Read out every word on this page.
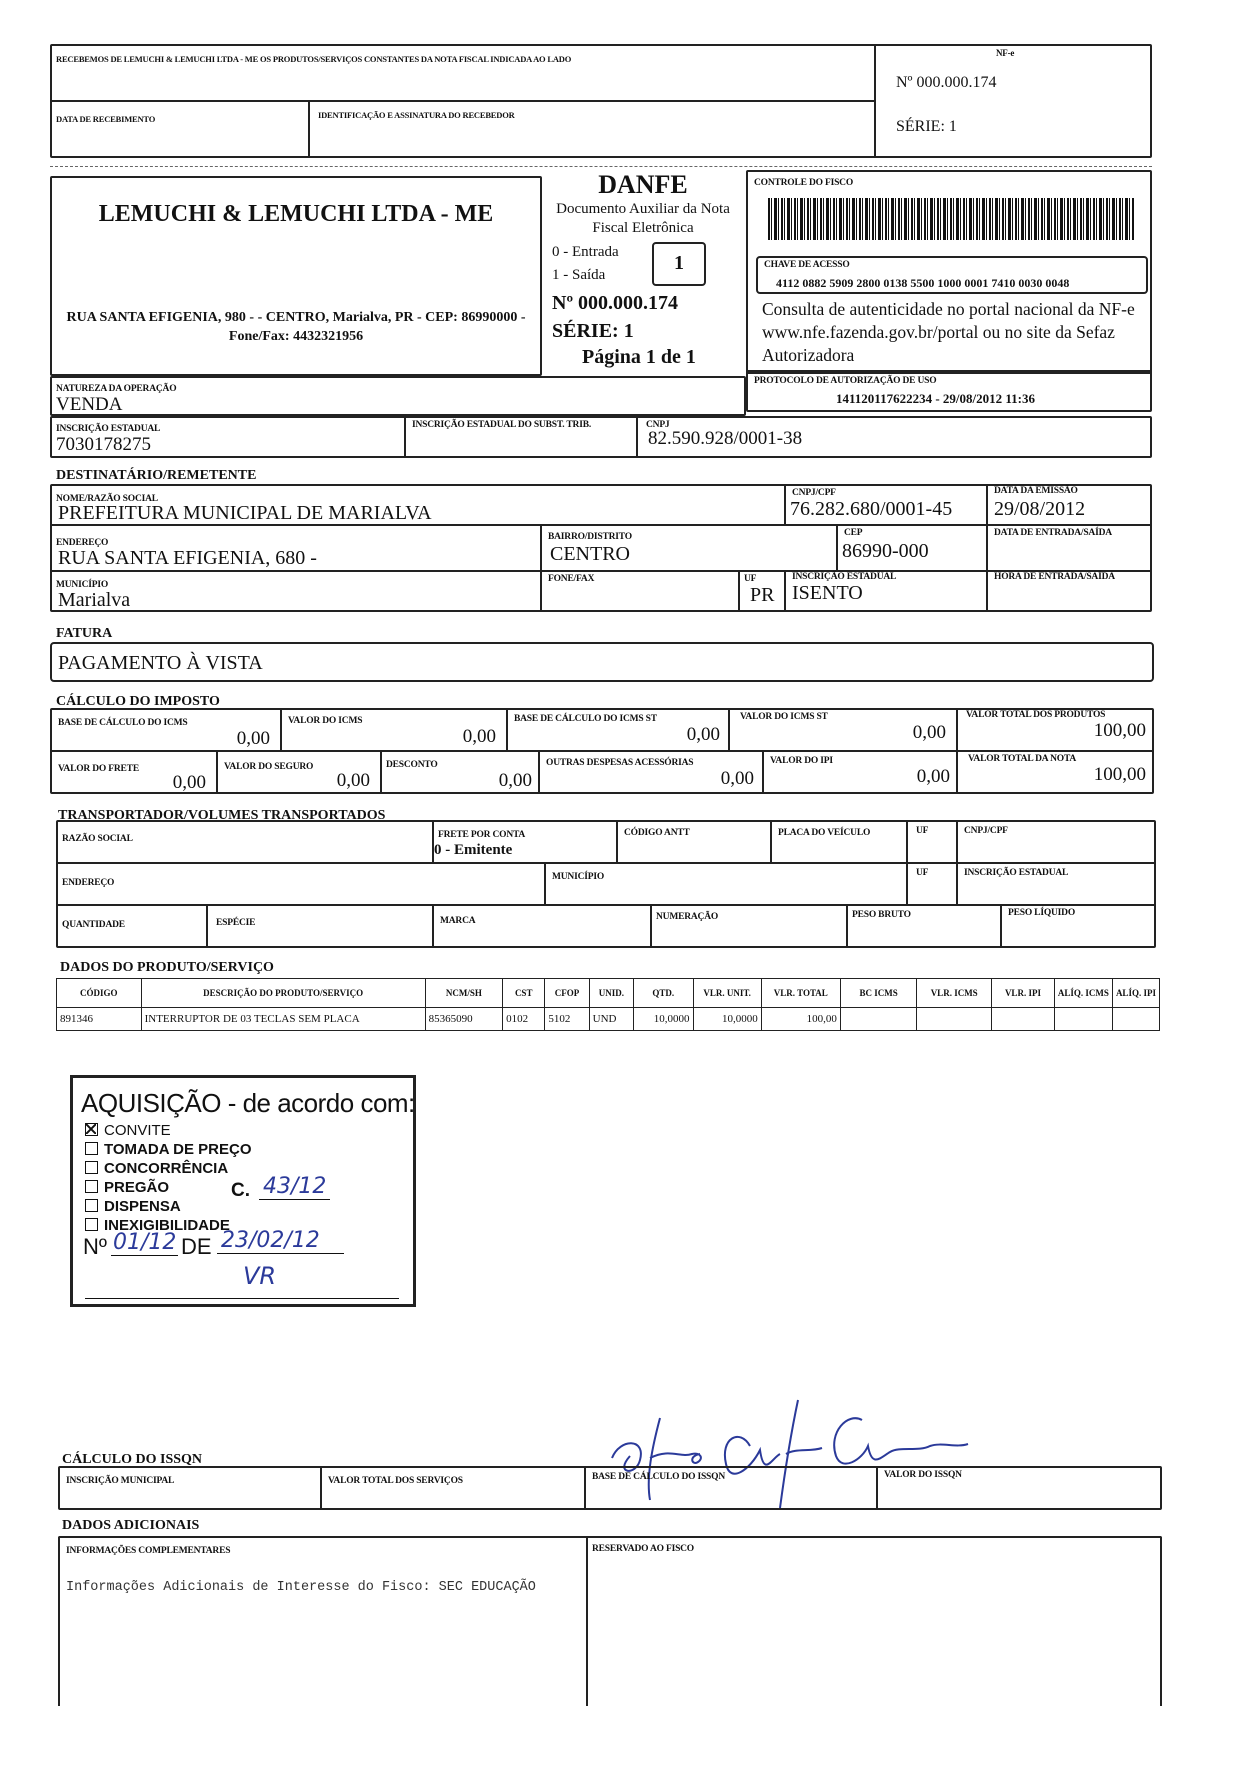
RECEBEMOS DE LEMUCHI & LEMUCHI LTDA - ME OS PRODUTOS/SERVIÇOS CONSTANTES DA NOTA FISCAL INDICADA AO LADO
DATA DE RECEBIMENTO	IDENTIFICAÇÃO E ASSINATURA DO RECEBEDOR
NF-e
Nº 000.000.174
SÉRIE: 1
LEMUCHI & LEMUCHI LTDA - ME
RUA SANTA EFIGENIA, 980 - - CENTRO, Marialva, PR - CEP: 86990000 - Fone/Fax: 4432321956
DANFE
Documento Auxiliar da Nota Fiscal Eletrônica
0 - Entrada
1 - Saída
1
Nº 000.000.174
SÉRIE: 1
Página 1 de 1
CONTROLE DO FISCO
CHAVE DE ACESSO
4112 0882 5909 2800 0138 5500 1000 0001 7410 0030 0048
Consulta de autenticidade no portal nacional da NF-e www.nfe.fazenda.gov.br/portal ou no site da Sefaz Autorizadora
PROTOCOLO DE AUTORIZAÇÃO DE USO
141120117622234 - 29/08/2012 11:36
NATUREZA DA OPERAÇÃO
VENDA
INSCRIÇÃO ESTADUAL
7030178275
INSCRIÇÃO ESTADUAL DO SUBST. TRIB.	CNPJ
82.590.928/0001-38
DESTINATÁRIO/REMETENTE
NOME/RAZÃO SOCIAL
PREFEITURA MUNICIPAL DE MARIALVA
CNPJ/CPF
76.282.680/0001-45
DATA DA EMISSÃO
29/08/2012
ENDEREÇO
RUA SANTA EFIGENIA, 680 -
BAIRRO/DISTRITO
CENTRO
CEP
86990-000
DATA DE ENTRADA/SAÍDA
MUNICÍPIO
Marialva
FONE/FAX	UF
PR
INSCRIÇÃO ESTADUAL
ISENTO
HORA DE ENTRADA/SAÍDA
FATURA
PAGAMENTO À VISTA
CÁLCULO DO IMPOSTO
BASE DE CÁLCULO DO ICMS
0,00
VALOR DO ICMS
0,00
BASE DE CÁLCULO DO ICMS ST
0,00
VALOR DO ICMS ST
0,00
VALOR TOTAL DOS PRODUTOS
100,00
VALOR DO FRETE
0,00
VALOR DO SEGURO
0,00
DESCONTO
0,00
OUTRAS DESPESAS ACESSÓRIAS
0,00
VALOR DO IPI
0,00
VALOR TOTAL DA NOTA
100,00
TRANSPORTADOR/VOLUMES TRANSPORTADOS
RAZÃO SOCIAL	FRETE POR CONTA
0 - Emitente
CÓDIGO ANTT	PLACA DO VEÍCULO	UF	CNPJ/CPF
ENDEREÇO
MUNICÍPIO	UF	INSCRIÇÃO ESTADUAL
QUANTIDADE	ESPÉCIE	MARCA	NUMERAÇÃO	PESO BRUTO	PESO LÍQUIDO
DADOS DO PRODUTO/SERVIÇO
CÓDIGO	DESCRIÇÃO DO PRODUTO/SERVIÇO	NCM/SH	CST	CFOP	UNID.	QTD.	VLR. UNIT.	VLR. TOTAL	BC ICMS	VLR. ICMS	VLR. IPI	ALÍQ. ICMS	ALÍQ. IPI
891346	INTERRUPTOR DE 03 TECLAS SEM PLACA	85365090	0102	5102	UND	10,0000	10,0000	100,00					
AQUISIÇÃO - de acordo com:
CONVITE
TOMADA DE PREÇO
CONCORRÊNCIA
PREGÃO
DISPENSA
INEXIGIBILIDADE
C. 43/12
Nº 01/12 DE 23/02/12
VR
CÁLCULO DO ISSQN
INSCRIÇÃO MUNICIPAL	VALOR TOTAL DOS SERVIÇOS	BASE DE CÁLCULO DO ISSQN	VALOR DO ISSQN
DADOS ADICIONAIS
INFORMAÇÕES COMPLEMENTARES
Informações Adicionais de Interesse do Fisco: SEC EDUCAÇÃO
RESERVADO AO FISCO
